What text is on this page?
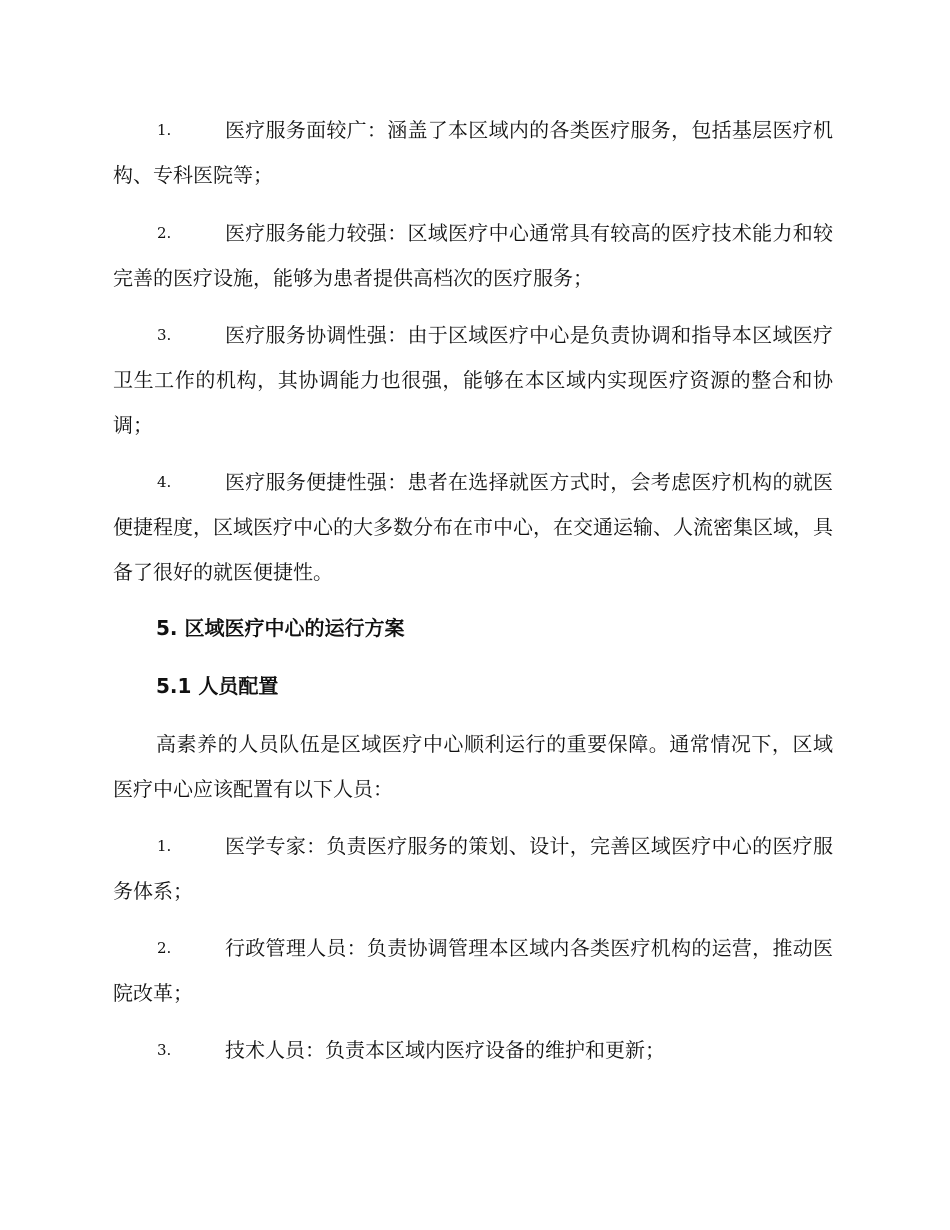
1.	医疗服务面较广：涵盖了本区域内的各类医疗服务，包括基层医疗机构、专科医院等；
2.	医疗服务能力较强：区域医疗中心通常具有较高的医疗技术能力和较完善的医疗设施，能够为患者提供高档次的医疗服务；
3.	医疗服务协调性强：由于区域医疗中心是负责协调和指导本区域医疗卫生工作的机构，其协调能力也很强，能够在本区域内实现医疗资源的整合和协调；
4.	医疗服务便捷性强：患者在选择就医方式时，会考虑医疗机构的就医便捷程度，区域医疗中心的大多数分布在市中心，在交通运输、人流密集区域，具备了很好的就医便捷性。
5. 区域医疗中心的运行方案
5.1 人员配置
高素养的人员队伍是区域医疗中心顺利运行的重要保障。通常情况下，区域医疗中心应该配置有以下人员：
1.	医学专家：负责医疗服务的策划、设计，完善区域医疗中心的医疗服务体系；
2.	行政管理人员：负责协调管理本区域内各类医疗机构的运营，推动医院改革；
3.	技术人员：负责本区域内医疗设备的维护和更新；
